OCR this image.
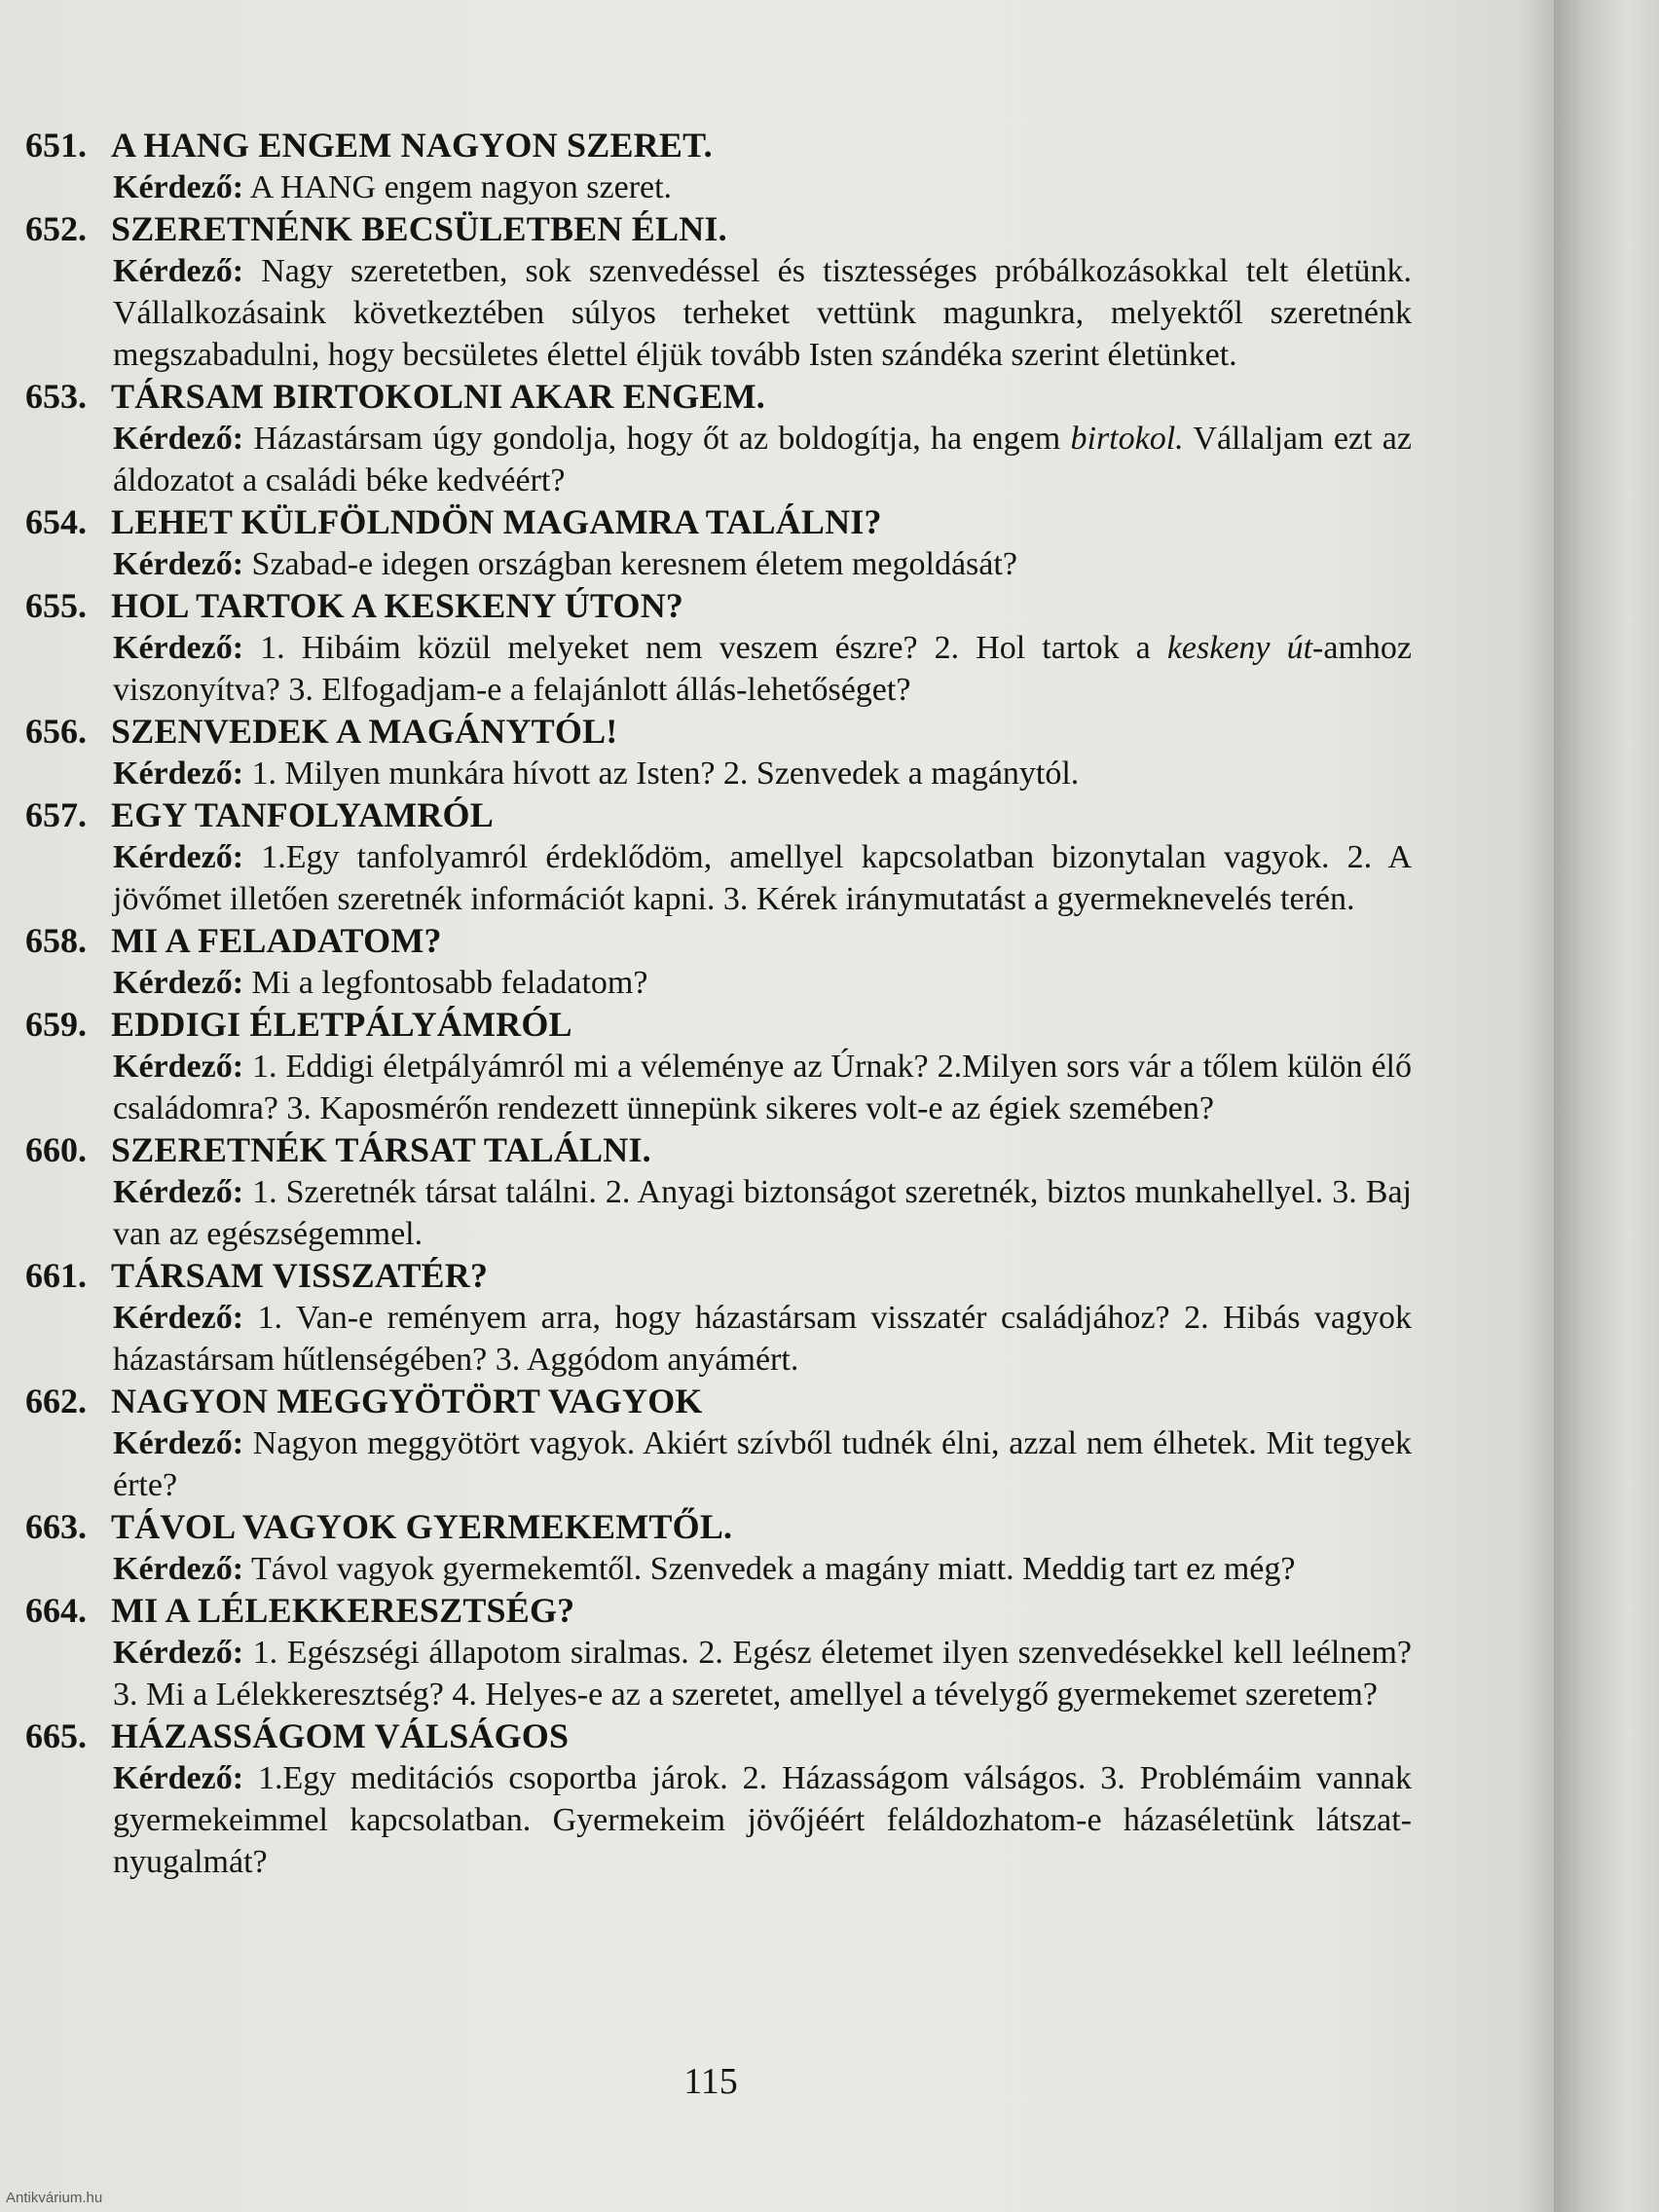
651. A HANG ENGEM NAGYON SZERET.
Kérdező: A HANG engem nagyon szeret.
652. SZERETNÉNK BECSÜLETBEN ÉLNI.
Kérdező: Nagy szeretetben, sok szenvedéssel és tisztességes próbálkozásokkal telt életünk. Vállalkozásaink következtében súlyos terheket vettünk magunkra, melyektől szeretnénk megszabadulni, hogy becsületes élettel éljük tovább Isten szándéka szerint életünket.
653. TÁRSAM BIRTOKOLNI AKAR ENGEM.
Kérdező: Házastársam úgy gondolja, hogy őt az boldogítja, ha engem birtokol. Vállaljam ezt az áldozatot a családi béke kedvéért?
654. LEHET KÜLFÖLNDÖN MAGAMRA TALÁLNI?
Kérdező: Szabad-e idegen országban keresnem életem megoldását?
655. HOL TARTOK A KESKENY ÚTON?
Kérdező: 1. Hibáim közül melyeket nem veszem észre? 2. Hol tartok a keskeny út-amhoz viszonyítva? 3. Elfogadjam-e a felajánlott állás-lehetőséget?
656. SZENVEDEK A MAGÁNYTÓL!
Kérdező: 1. Milyen munkára hívott az Isten? 2. Szenvedek a magánytól.
657. EGY TANFOLYAMRÓL
Kérdező: 1.Egy tanfolyamról érdeklődöm, amellyel kapcsolatban bizonytalan vagyok. 2. A jövőmet illetően szeretnék információt kapni. 3. Kérek iránymutatást a gyermeknevelés terén.
658. MI A FELADATOM?
Kérdező: Mi a legfontosabb feladatom?
659. EDDIGI ÉLETPÁLYÁMRÓL
Kérdező: 1. Eddigi életpályámról mi a véleménye az Úrnak? 2.Milyen sors vár a tőlem külön élő családomra? 3. Kaposmérőn rendezett ünnepünk sikeres volt-e az égiek szemében?
660. SZERETNÉK TÁRSAT TALÁLNI.
Kérdező: 1. Szeretnék társat találni. 2. Anyagi biztonságot szeretnék, biztos munkahellyel. 3. Baj van az egészségemmel.
661. TÁRSAM VISSZATÉR?
Kérdező: 1. Van-e reményem arra, hogy házastársam visszatér családjához? 2. Hibás vagyok házastársam hűtlenségében? 3. Aggódom anyámért.
662. NAGYON MEGGYÖTÖRT VAGYOK
Kérdező: Nagyon meggyötört vagyok. Akiért szívből tudnék élni, azzal nem élhetek. Mit tegyek érte?
663. TÁVOL VAGYOK GYERMEKEMTŐL.
Kérdező: Távol vagyok gyermekemtől. Szenvedek a magány miatt. Meddig tart ez még?
664. MI A LÉLEKKERESZTSÉG?
Kérdező: 1. Egészségi állapotom siralmas. 2. Egész életemet ilyen szenvedésekkel kell leélnem? 3. Mi a Lélekkeresztség? 4. Helyes-e az a szeretet, amellyel a tévelygő gyermekemet szeretem?
665. HÁZASSÁGOM VÁLSÁGOS
Kérdező: 1.Egy meditációs csoportba járok. 2. Házasságom válságos. 3. Problémáim vannak gyermekeimmel kapcsolatban. Gyermekeim jövőjéért feláldozhatom-e házaséletünk látszat-nyugalmát?
115
Antikvárium.hu
